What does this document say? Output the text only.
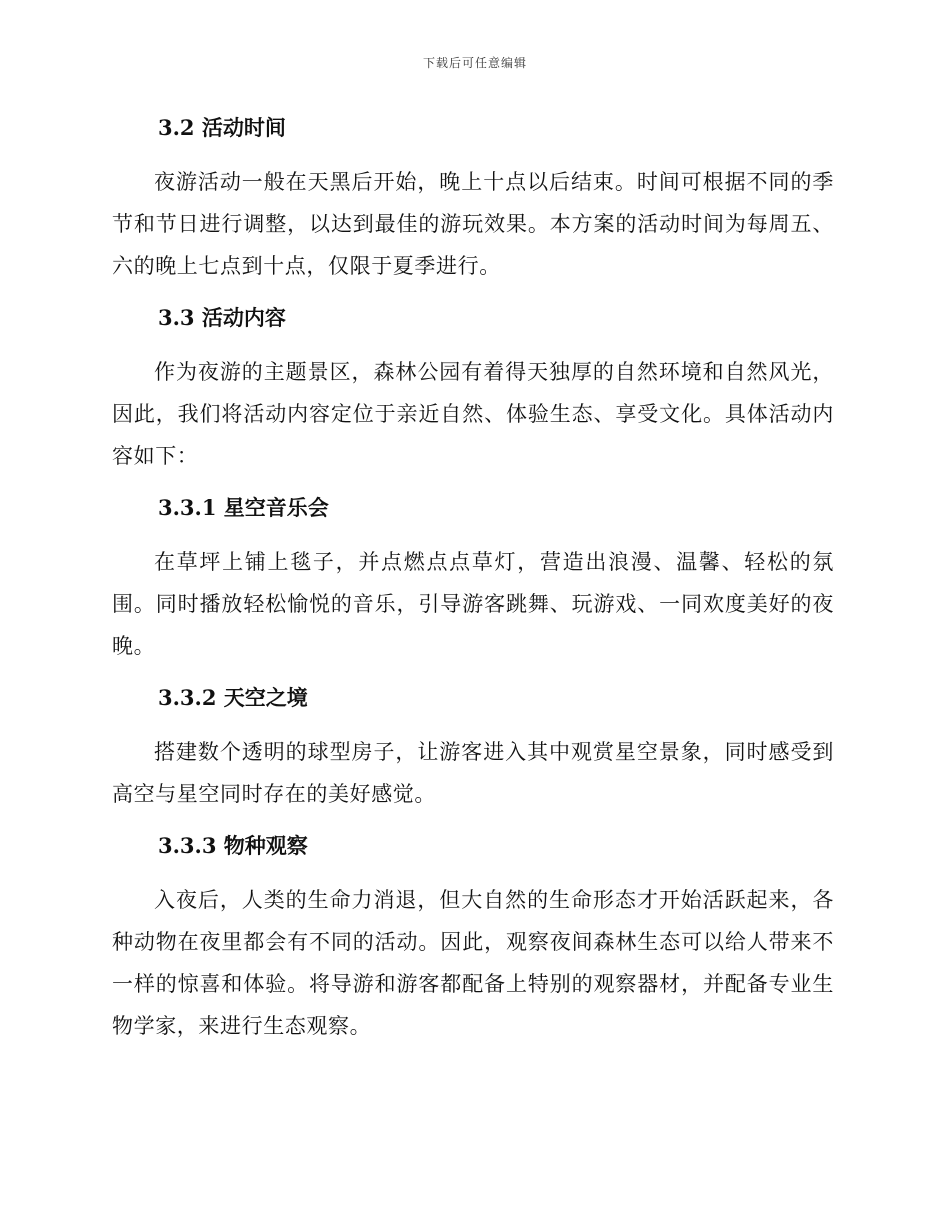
下载后可任意编辑
3.2 活动时间

夜游活动一般在天黑后开始，晚上十点以后结束。时间可根据不同的季节和节日进行调整，以达到最佳的游玩效果。本方案的活动时间为每周五、六的晚上七点到十点，仅限于夏季进行。

3.3 活动内容

作为夜游的主题景区，森林公园有着得天独厚的自然环境和自然风光，因此，我们将活动内容定位于亲近自然、体验生态、享受文化。具体活动内容如下：

3.3.1 星空音乐会

在草坪上铺上毯子，并点燃点点草灯，营造出浪漫、温馨、轻松的氛围。同时播放轻松愉悦的音乐，引导游客跳舞、玩游戏、一同欢度美好的夜晚。

3.3.2 天空之境

搭建数个透明的球型房子，让游客进入其中观赏星空景象，同时感受到高空与星空同时存在的美好感觉。

3.3.3 物种观察

入夜后，人类的生命力消退，但大自然的生命形态才开始活跃起来，各种动物在夜里都会有不同的活动。因此，观察夜间森林生态可以给人带来不一样的惊喜和体验。将导游和游客都配备上特别的观察器材，并配备专业生物学家，来进行生态观察。
